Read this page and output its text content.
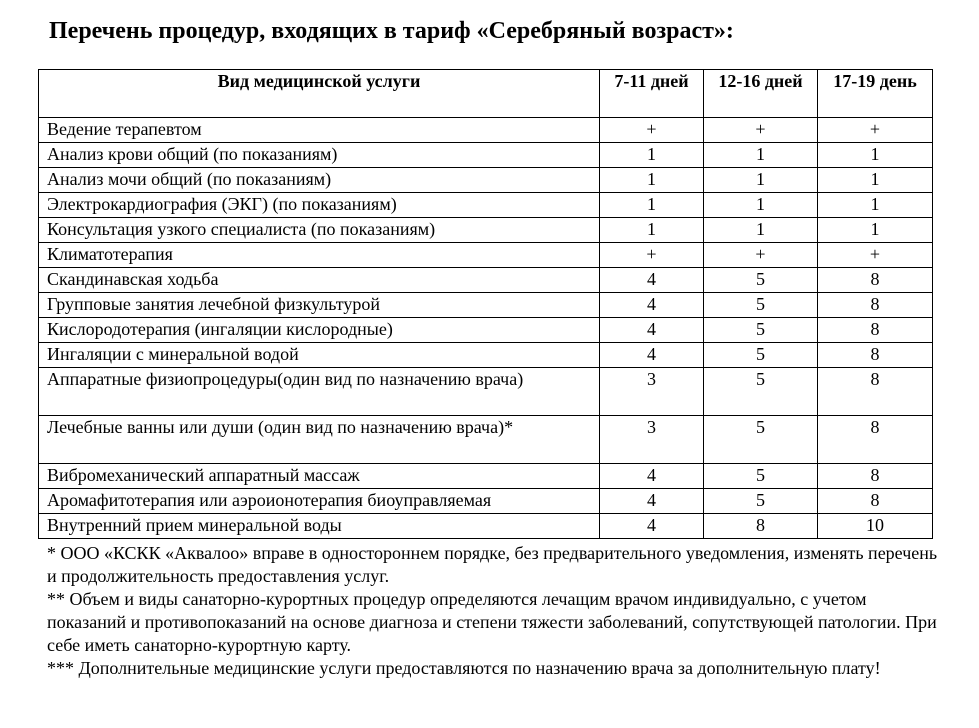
Перечень процедур, входящих в тариф «Серебряный возраст»:
Вид медицинской услуги	7-11 дней	12-16 дней	17-19 день
Ведение терапевтом	+	+	+
Анализ крови общий (по показаниям)	1	1	1
Анализ мочи общий (по показаниям)	1	1	1
Электрокардиография (ЭКГ) (по показаниям)	1	1	1
Консультация узкого специалиста (по показаниям)	1	1	1
Климатотерапия	+	+	+
Скандинавская ходьба	4	5	8
Групповые занятия лечебной физкультурой	4	5	8
Кислородотерапия (ингаляции кислородные)	4	5	8
Ингаляции с минеральной водой	4	5	8
Аппаратные физиопроцедуры(один вид по назначению врача)	3	5	8
Лечебные ванны или души (один вид по назначению врача)*	3	5	8
Вибромеханический аппаратный массаж	4	5	8
Аромафитотерапия или аэроионотерапия биоуправляемая	4	5	8
Внутренний прием минеральной воды	4	8	10

* ООО «КСКК «Аквалоо» вправе в одностороннем порядке, без предварительного уведомления, изменять перечень и продолжительность предоставления услуг.

** Объем и виды санаторно-курортных процедур определяются лечащим врачом индивидуально, с учетом показаний и противопоказаний на основе диагноза и степени тяжести заболеваний, сопутствующей патологии. При себе иметь санаторно-курортную карту.

*** Дополнительные медицинские услуги предоставляются по назначению врача за дополнительную плату!
